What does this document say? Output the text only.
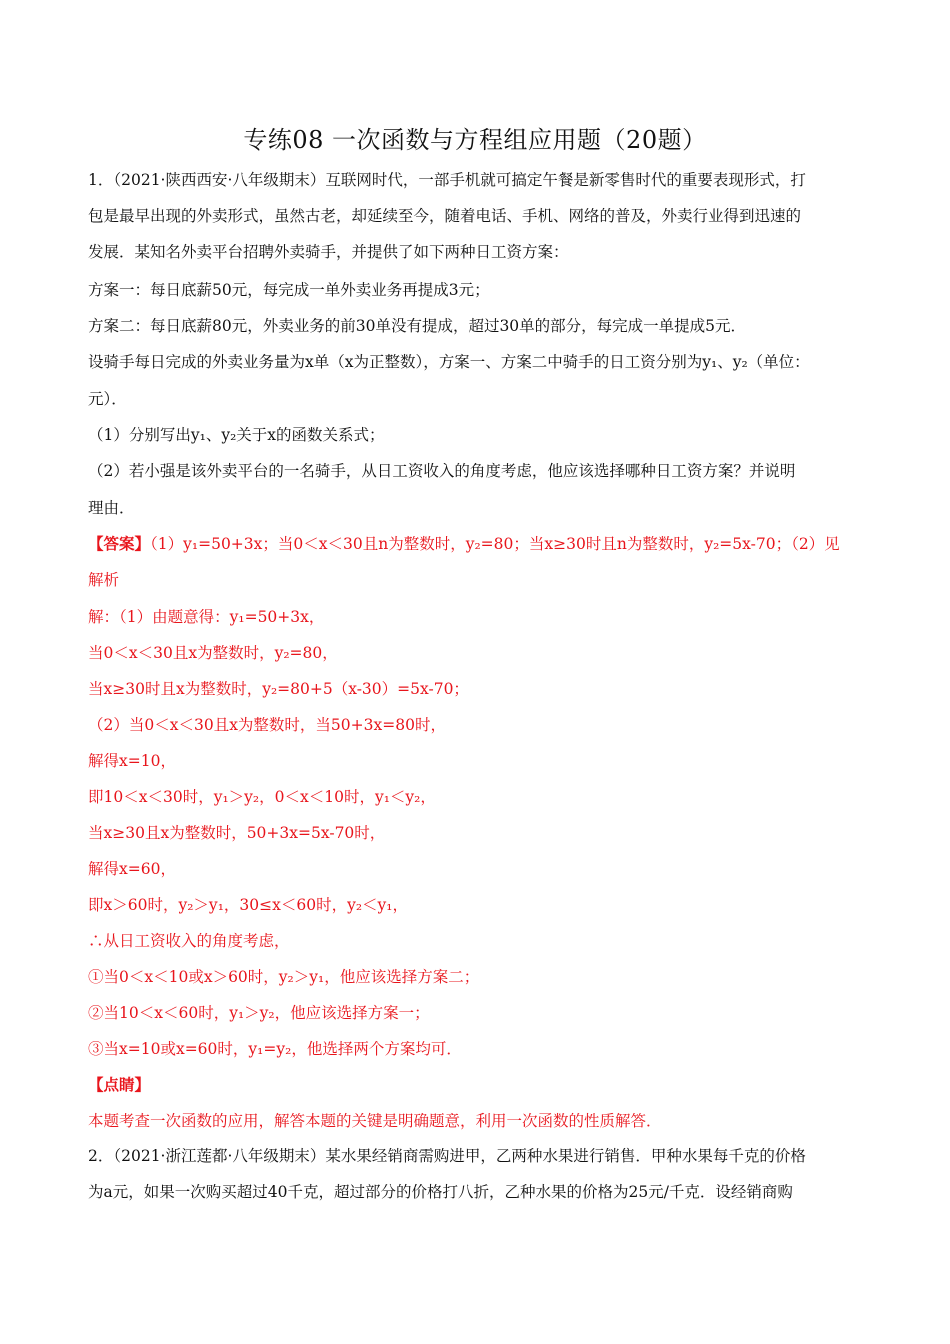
专练08 一次函数与方程组应用题（20题）
1．（2021·陕西西安·八年级期末）互联网时代，一部手机就可搞定午餐是新零售时代的重要表现形式，打
包是最早出现的外卖形式，虽然古老，却延续至今，随着电话、手机、网络的普及，外卖行业得到迅速的
发展．某知名外卖平台招聘外卖骑手，并提供了如下两种日工资方案：
方案一：每日底薪50元，每完成一单外卖业务再提成3元；
方案二：每日底薪80元，外卖业务的前30单没有提成，超过30单的部分，每完成一单提成5元．
设骑手每日完成的外卖业务量为x单（x为正整数），方案一、方案二中骑手的日工资分别为y₁、y₂（单位：
元）．
（1）分别写出y₁、y₂关于x的函数关系式；
（2）若小强是该外卖平台的一名骑手，从日工资收入的角度考虑，他应该选择哪种日工资方案？并说明
理由．
【答案】（1）y₁=50+3x；当0＜x＜30且n为整数时，y₂=80；当x≥30时且n为整数时，y₂=5x-70；（2）见
解析
解：（1）由题意得：y₁=50+3x，
当0＜x＜30且x为整数时，y₂=80，
当x≥30时且x为整数时，y₂=80+5（x-30）=5x-70；
（2）当0＜x＜30且x为整数时，当50+3x=80时，
解得x=10，
即10＜x＜30时，y₁＞y₂，0＜x＜10时，y₁＜y₂，
当x≥30且x为整数时，50+3x=5x-70时，
解得x=60，
即x＞60时，y₂＞y₁，30≤x＜60时，y₂＜y₁，
∴从日工资收入的角度考虑，
①当0＜x＜10或x＞60时，y₂＞y₁，他应该选择方案二；
②当10＜x＜60时，y₁＞y₂，他应该选择方案一；
③当x=10或x=60时，y₁=y₂，他选择两个方案均可．
【点睛】
本题考查一次函数的应用，解答本题的关键是明确题意，利用一次函数的性质解答．
2．（2021·浙江莲都·八年级期末）某水果经销商需购进甲，乙两种水果进行销售．甲种水果每千克的价格
为a元，如果一次购买超过40千克，超过部分的价格打八折，乙种水果的价格为25元/千克．设经销商购
